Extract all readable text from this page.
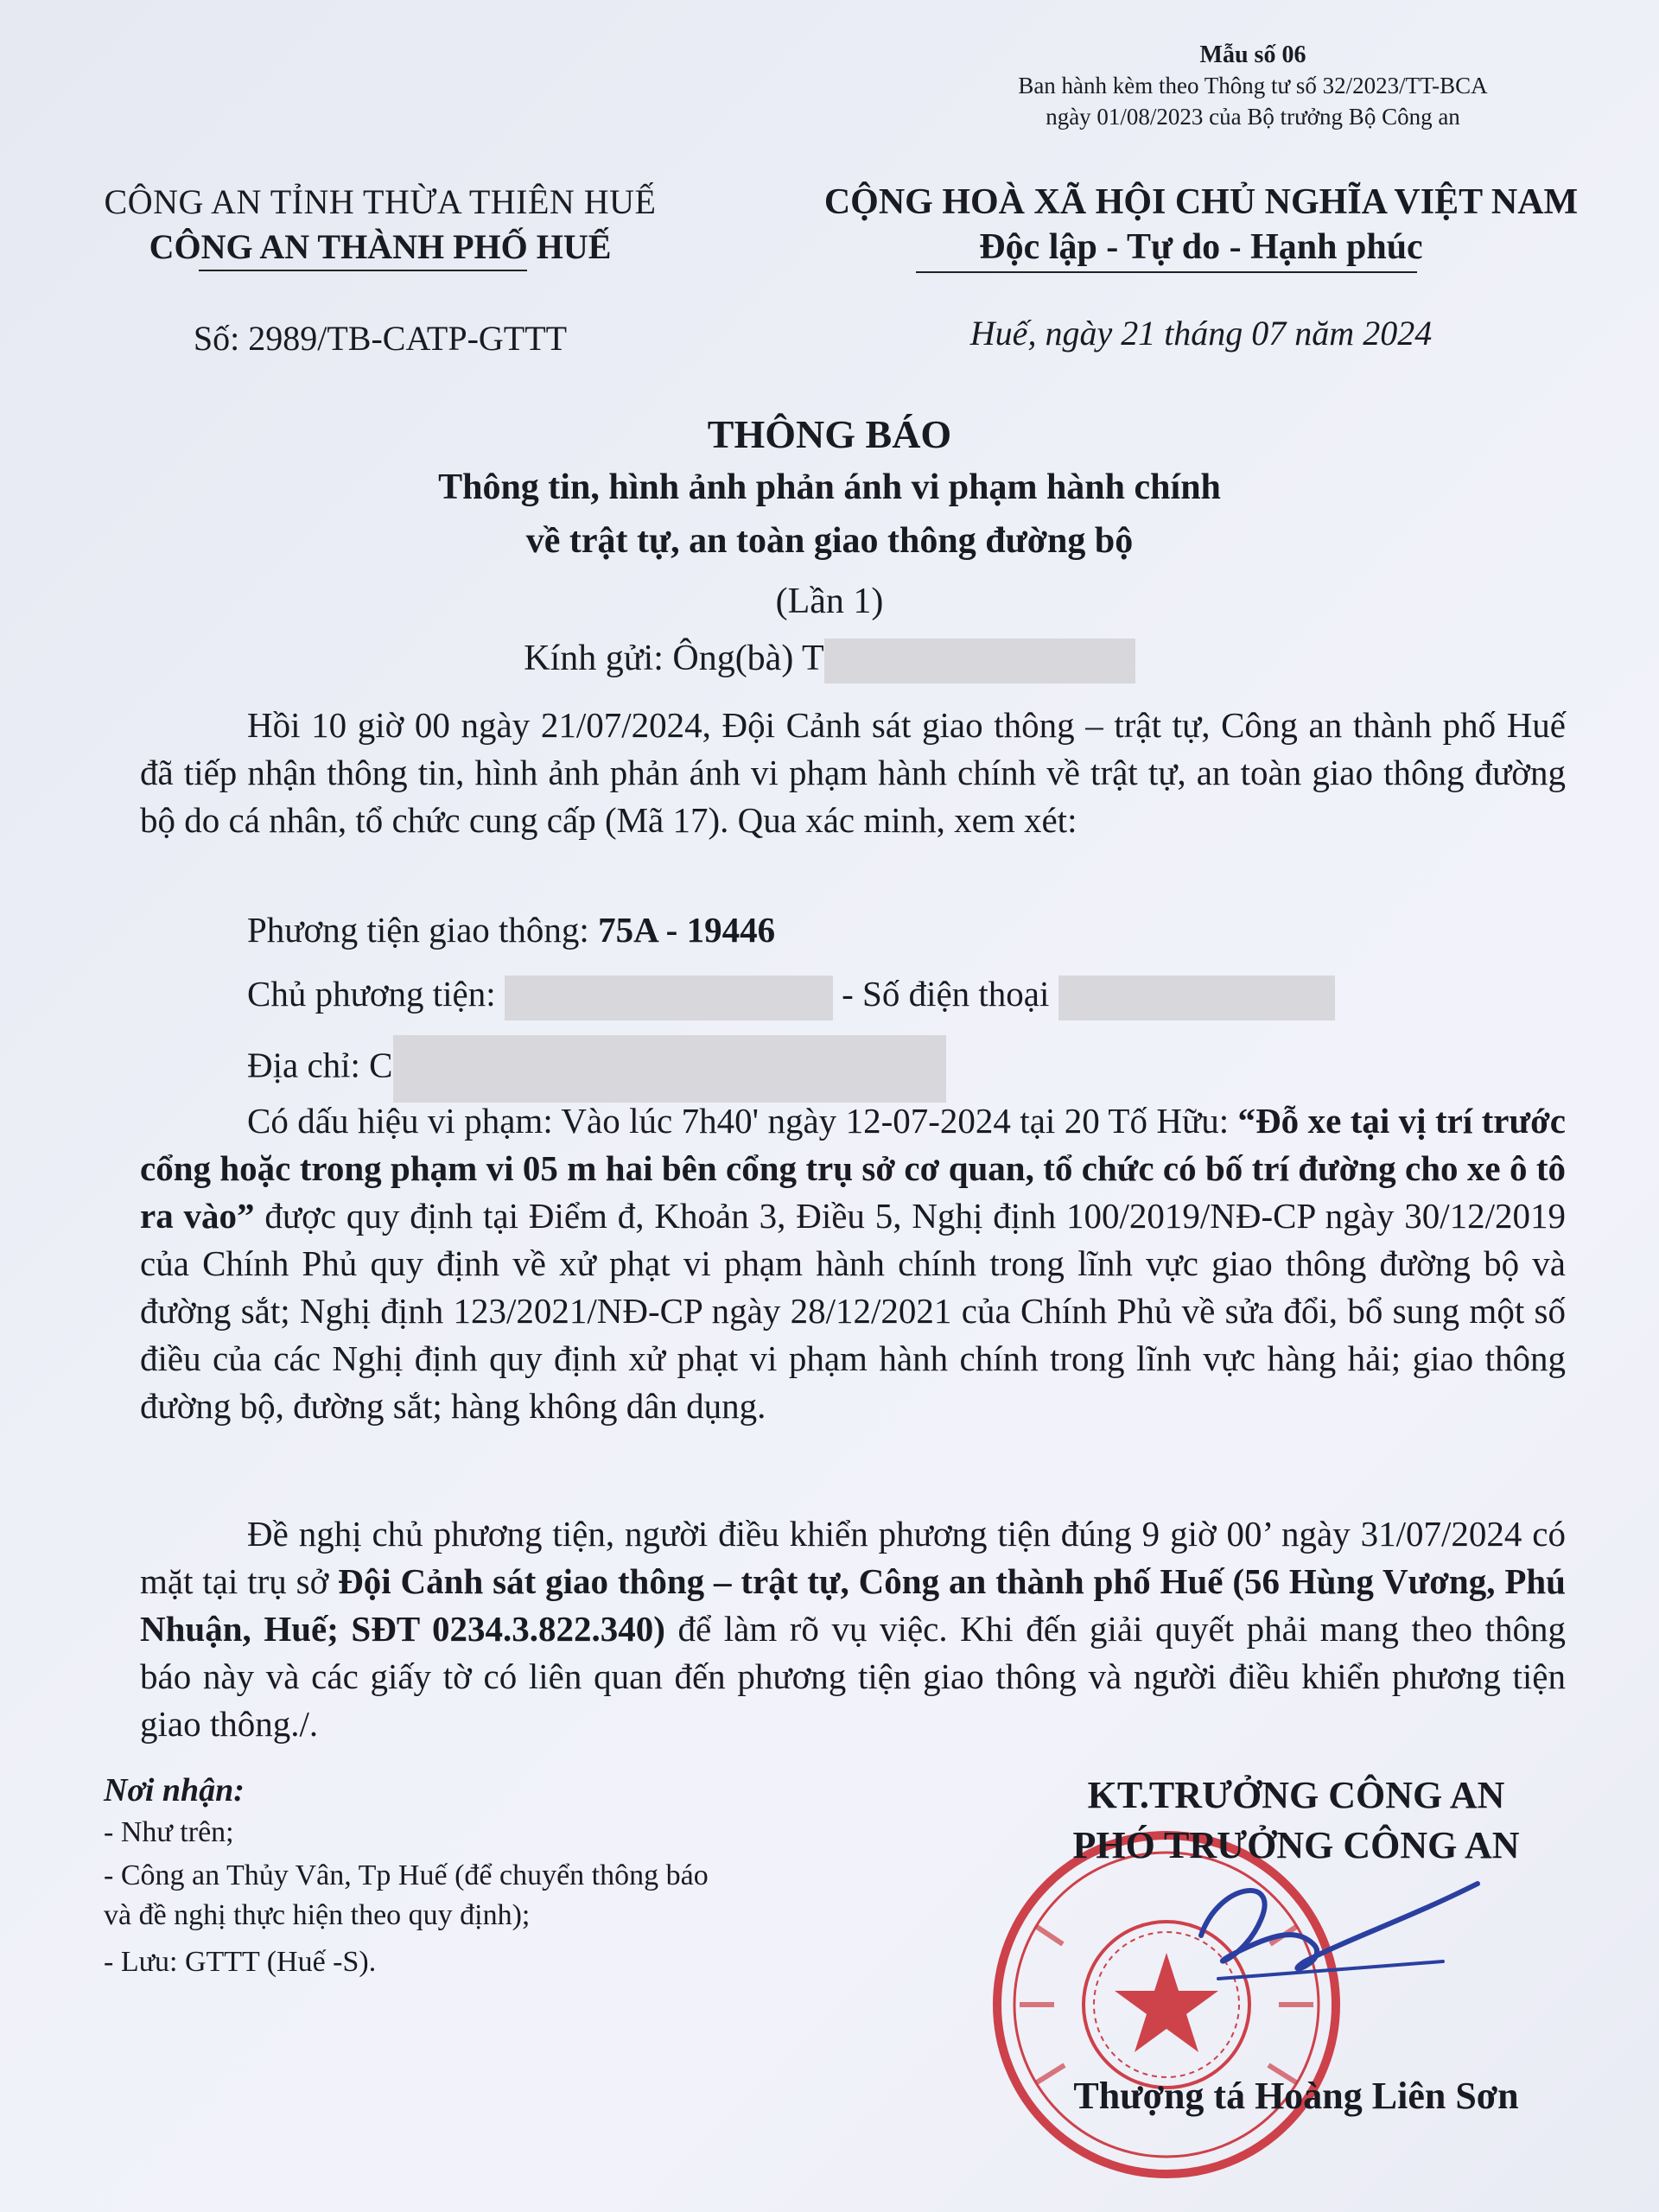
Mẫu số 06
Ban hành kèm theo Thông tư số 32/2023/TT-BCA
ngày 01/08/2023 của Bộ trưởng Bộ Công an
CÔNG AN TỈNH THỪA THIÊN HUẾ
CÔNG AN THÀNH PHỐ HUẾ
CỘNG HOÀ XÃ HỘI CHỦ NGHĨA VIỆT NAM
Độc lập - Tự do - Hạnh phúc
Số: 2989/TB-CATP-GTTT	Huế, ngày 21 tháng 07 năm 2024
THÔNG BÁO
Thông tin, hình ảnh phản ánh vi phạm hành chính
về trật tự, an toàn giao thông đường bộ
(Lần 1)
Kính gửi: Ông(bà) T
Hồi 10 giờ 00 ngày 21/07/2024, Đội Cảnh sát giao thông – trật tự, Công an thành phố Huế đã tiếp nhận thông tin, hình ảnh phản ánh vi phạm hành chính về trật tự, an toàn giao thông đường bộ do cá nhân, tổ chức cung cấp (Mã 17). Qua xác minh, xem xét:
Phương tiện giao thông: 75A - 19446
Chủ phương tiện:	- Số điện thoại
Địa chỉ: C
Có dấu hiệu vi phạm: Vào lúc 7h40' ngày 12-07-2024 tại 20 Tố Hữu: “Đỗ xe tại vị trí trước cổng hoặc trong phạm vi 05 m hai bên cổng trụ sở cơ quan, tổ chức có bố trí đường cho xe ô tô ra vào” được quy định tại Điểm đ, Khoản 3, Điều 5, Nghị định 100/2019/NĐ-CP ngày 30/12/2019 của Chính Phủ quy định về xử phạt vi phạm hành chính trong lĩnh vực giao thông đường bộ và đường sắt; Nghị định 123/2021/NĐ-CP ngày 28/12/2021 của Chính Phủ về sửa đổi, bổ sung một số điều của các Nghị định quy định xử phạt vi phạm hành chính trong lĩnh vực hàng hải; giao thông đường bộ, đường sắt; hàng không dân dụng.
Đề nghị chủ phương tiện, người điều khiển phương tiện đúng 9 giờ 00’ ngày 31/07/2024 có mặt tại trụ sở Đội Cảnh sát giao thông – trật tự, Công an thành phố Huế (56 Hùng Vương, Phú Nhuận, Huế; SĐT 0234.3.822.340) để làm rõ vụ việc. Khi đến giải quyết phải mang theo thông báo này và các giấy tờ có liên quan đến phương tiện giao thông và người điều khiển phương tiện giao thông./.
Nơi nhận:
- Như trên;
- Công an Thủy Vân, Tp Huế (để chuyển thông báo
và đề nghị thực hiện theo quy định);
- Lưu: GTTT (Huế -S).
KT.TRƯỞNG CÔNG AN
PHÓ TRƯỞNG CÔNG AN
Thượng tá Hoàng Liên Sơn
